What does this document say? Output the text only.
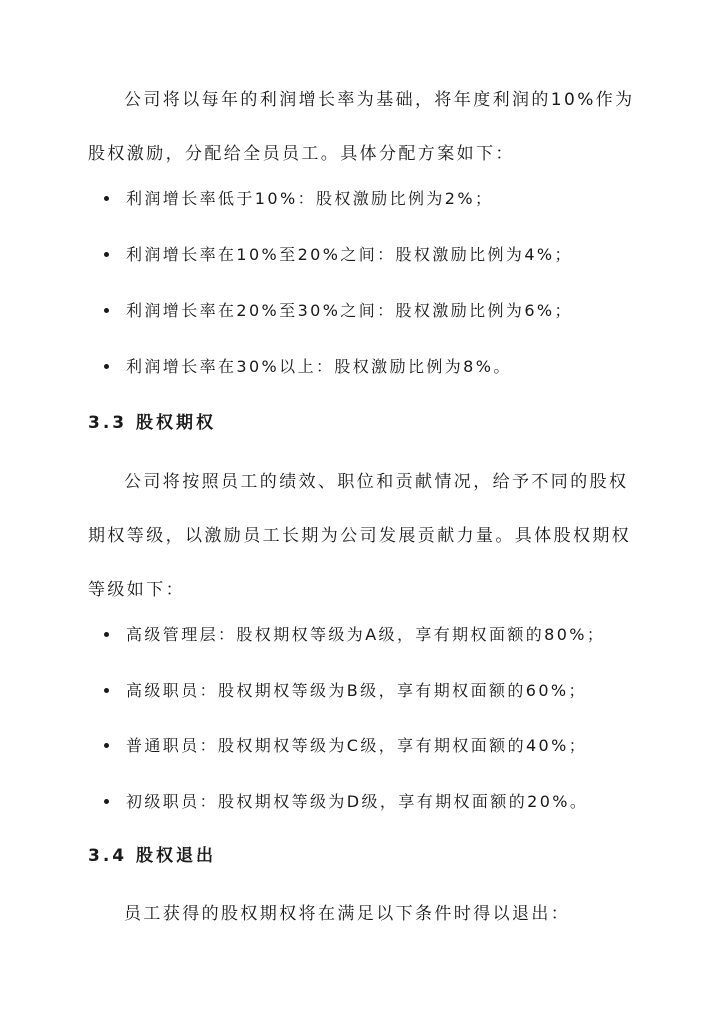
公司将以每年的利润增长率为基础，将年度利润的10%作为股权激励，分配给全员员工。具体分配方案如下：

利润增长率低于10%：股权激励比例为2%；
利润增长率在10%至20%之间：股权激励比例为4%；
利润增长率在20%至30%之间：股权激励比例为6%；
利润增长率在30%以上：股权激励比例为8%。
3.3 股权期权

公司将按照员工的绩效、职位和贡献情况，给予不同的股权期权等级，以激励员工长期为公司发展贡献力量。具体股权期权等级如下：

高级管理层：股权期权等级为A级，享有期权面额的80%；
高级职员：股权期权等级为B级，享有期权面额的60%；
普通职员：股权期权等级为C级，享有期权面额的40%；
初级职员：股权期权等级为D级，享有期权面额的20%。
3.4 股权退出

员工获得的股权期权将在满足以下条件时得以退出：
